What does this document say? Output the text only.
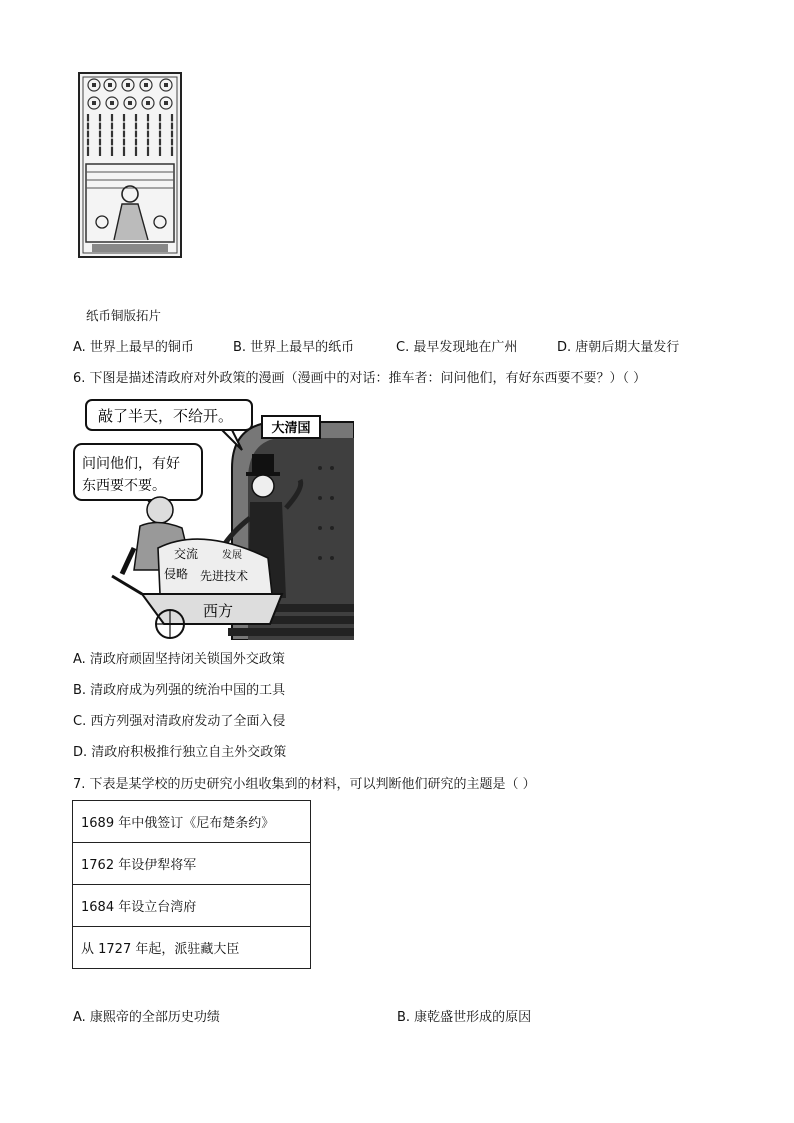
纸币铜版拓片
A. 世界上最早的铜币	B. 世界上最早的纸币	C. 最早发现地在广州	D. 唐朝后期大量发行
6. 下图是描述清政府对外政策的漫画（漫画中的对话：推车者：问问他们，有好东西要不要？）（ ）
大清国
敲了半天，不给开。
问问他们，有好
东西要不要。
交流 发展
侵略 先进技术
西方
A. 清政府顽固坚持闭关锁国外交政策
B. 清政府成为列强的统治中国的工具
C. 西方列强对清政府发动了全面入侵
D. 清政府积极推行独立自主外交政策
7. 下表是某学校的历史研究小组收集到的材料，可以判断他们研究的主题是（ ）
1689 年中俄签订《尼布楚条约》
1762 年设伊犁将军
1684 年设立台湾府
从 1727 年起，派驻藏大臣
A. 康熙帝的全部历史功绩	B. 康乾盛世形成的原因
